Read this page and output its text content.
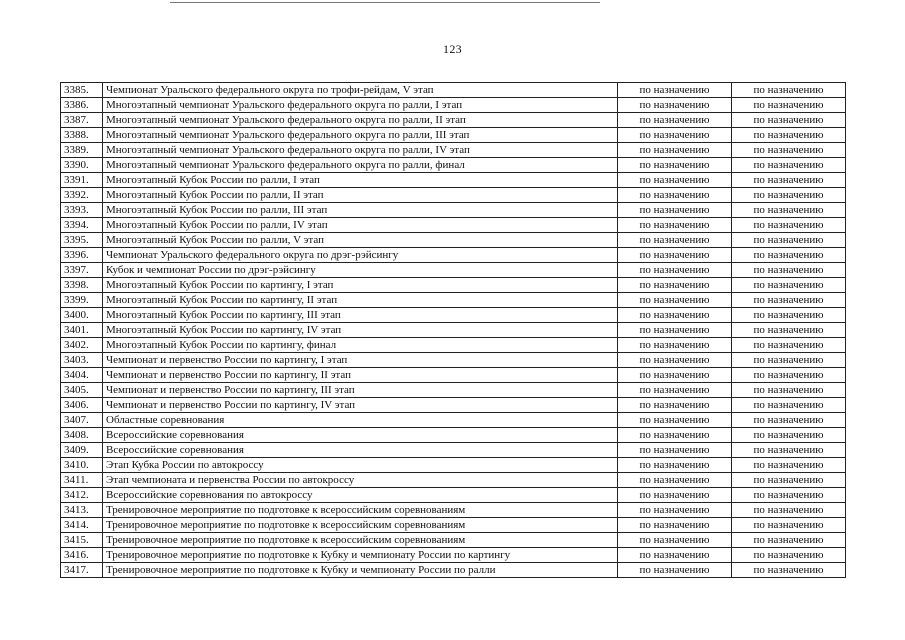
123
3385.	Чемпионат Уральского федерального округа по трофи-рейдам, V этап	по назначению	по назначению
3386.	Многоэтапный чемпионат Уральского федерального округа по ралли, I этап	по назначению	по назначению
3387.	Многоэтапный чемпионат Уральского федерального округа по ралли, II этап	по назначению	по назначению
3388.	Многоэтапный чемпионат Уральского федерального округа по ралли, III этап	по назначению	по назначению
3389.	Многоэтапный чемпионат Уральского федерального округа по ралли, IV этап	по назначению	по назначению
3390.	Многоэтапный чемпионат Уральского федерального округа по ралли, финал	по назначению	по назначению
3391.	Многоэтапный Кубок России по ралли, I этап	по назначению	по назначению
3392.	Многоэтапный Кубок России по ралли, II этап	по назначению	по назначению
3393.	Многоэтапный Кубок России по ралли, III этап	по назначению	по назначению
3394.	Многоэтапный Кубок России по ралли, IV этап	по назначению	по назначению
3395.	Многоэтапный Кубок России по ралли, V этап	по назначению	по назначению
3396.	Чемпионат Уральского федерального округа по дрэг-рэйсингу	по назначению	по назначению
3397.	Кубок и чемпионат России по дрэг-рэйсингу	по назначению	по назначению
3398.	Многоэтапный Кубок России по картингу, I этап	по назначению	по назначению
3399.	Многоэтапный Кубок России по картингу, II этап	по назначению	по назначению
3400.	Многоэтапный Кубок России по картингу, III этап	по назначению	по назначению
3401.	Многоэтапный Кубок России по картингу, IV этап	по назначению	по назначению
3402.	Многоэтапный Кубок России по картингу, финал	по назначению	по назначению
3403.	Чемпионат и первенство России по картингу, I этап	по назначению	по назначению
3404.	Чемпионат и первенство России по картингу, II этап	по назначению	по назначению
3405.	Чемпионат и первенство России по картингу, III этап	по назначению	по назначению
3406.	Чемпионат и первенство России по картингу, IV этап	по назначению	по назначению
3407.	Областные соревнования	по назначению	по назначению
3408.	Всероссийские соревнования	по назначению	по назначению
3409.	Всероссийские соревнования	по назначению	по назначению
3410.	Этап Кубка России по автокроссу	по назначению	по назначению
3411.	Этап чемпионата и первенства России по автокроссу	по назначению	по назначению
3412.	Всероссийские соревнования по автокроссу	по назначению	по назначению
3413.	Тренировочное мероприятие по подготовке к всероссийским соревнованиям	по назначению	по назначению
3414.	Тренировочное мероприятие по подготовке к всероссийским соревнованиям	по назначению	по назначению
3415.	Тренировочное мероприятие по подготовке к всероссийским соревнованиям	по назначению	по назначению
3416.	Тренировочное мероприятие по подготовке к Кубку и чемпионату России по картингу	по назначению	по назначению
3417.	Тренировочное мероприятие по подготовке к Кубку и чемпионату России по ралли	по назначению	по назначению
